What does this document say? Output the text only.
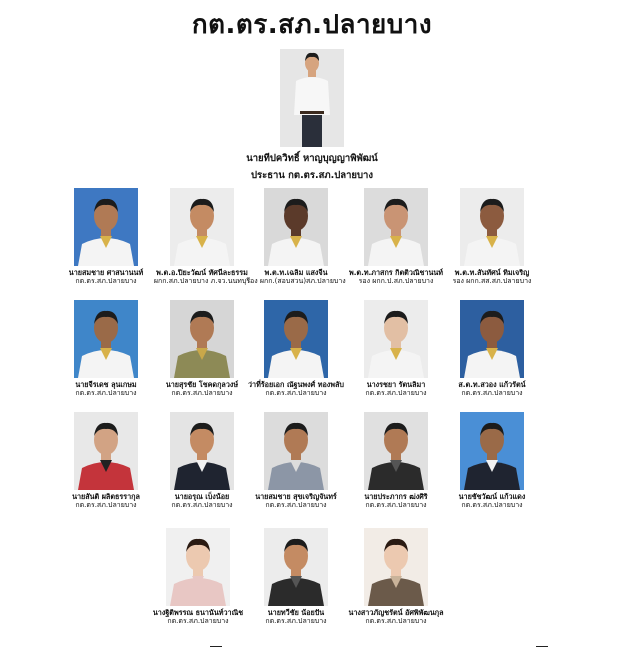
กต.ตร.สภ.ปลายบาง
นายทีปควิทธิ์ หาญบุญญาพิพัฒน์
ประธาน กต.ตร.สภ.ปลายบาง
นายสมชาย ศาสนานนท์
กต.ตร.สภ.ปลายบาง
พ.ต.อ.ปิยะวัฒน์ ทัศนีละธรรม
ผกก.สภ.ปลายบาง ภ.จว.นนทบุรี
พ.ต.ท.เฉลิม แสงจีน
รอง ผกก.(สอบสวน)สภ.ปลายบาง
พ.ต.ท.ภาสกร กิตติวณิชานนท์
รอง ผกก.ป.สภ.ปลายบาง
พ.ต.ท.สันทัศน์ ทิมเจริญ
รอง ผกก.สส.สภ.ปลายบาง
นายจีรเดช ลุนเกษม
กต.ตร.สภ.ปลายบาง
นายสุรชัย โชคดกุลวงษ์
กต.ตร.สภ.ปลายบาง
ว่าที่ร้อยเอก ณัฐนพงศ์ ทองพลับ
กต.ตร.สภ.ปลายบาง
นางรชยา รัตนลิมา
กต.ตร.สภ.ปลายบาง
ส.ต.ท.สวอง แก้วรัตน์
กต.ตร.สภ.ปลายบาง
นายสันติ ผลิตธรรากุล
กต.ตร.สภ.ปลายบาง
นายอรุณ เบ็งน้อย
กต.ตร.สภ.ปลายบาง
นายสมชาย สุขเจริญจันทร์
กต.ตร.สภ.ปลายบาง
นายประภากร ฒ่งศิริ
กต.ตร.สภ.ปลายบาง
นายชัชวัฒน์ แก้วแดง
กต.ตร.สภ.ปลายบาง
นางฐิติพรรณ ธนานันท์วาณิช
กต.ตร.สภ.ปลายบาง
นายทวีชัย น้อยปัน
กต.ตร.สภ.ปลายบาง
นางสาวภัญชรัตน์ อัศพิพัฒนกุล
กต.ตร.สภ.ปลายบาง
